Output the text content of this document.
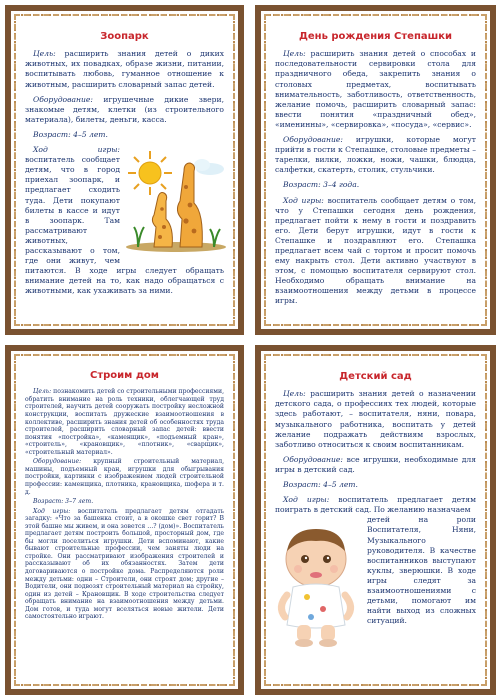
Зоопарк

Цель: расширить знания детей о диких животных, их повадках, образе жизни, питании, воспитывать любовь, гуманное отношение к животным, расширить словарный запас детей.

Оборудование: игрушечные дикие звери, знакомые детям, клетки (из строительного материала), билеты, деньги, касса.

Возраст: 4–5 лет.

Ход игры: воспитатель сообщает детям, что в город приехал зоопарк, и предлагает сходить туда. Дети покупают билеты в кассе и идут в зоопарк. Там рассматривают животных, рассказывают о том, где они живут, чем питаются. В ходе игры следует обращать внимание детей на то, как надо обращаться с животными, как ухаживать за ними.

День рождения Степашки

Цель: расширить знания детей о способах и последовательности сервировки стола для праздничного обеда, закрепить знания о столовых предметах, воспитывать внимательность, заботливость, ответственность, желание помочь, расширить словарный запас: ввести понятия «праздничный обед», «именинны», «сервировка», «посуда», «сервис».

Оборудование: игрушки, которые могут прийти в гости к Степашке, столовые предметы – тарелки, вилки, ложки, ножи, чашки, блюдца, салфетки, скатерть, столик, стульчики.

Возраст: 3–4 года.

Ход игры: воспитатель сообщает детям о том, что у Степашки сегодня день рождения, предлагает пойти к нему в гости и поздравить его. Дети берут игрушки, идут в гости к Степашке и поздравляют его. Степашка предлагает всем чай с тортом и просит помочь ему накрыть стол. Дети активно участвуют в этом, с помощью воспитателя сервируют стол. Необходимо обращать внимание на взаимоотношения между детьми в процессе игры.

Строим дом

Цель: познакомить детей со строительными профессиями, обратить внимание на роль техники, облегчающей труд строителей, научить детей сооружать постройку несложной конструкции, воспитать дружеские взаимоотношения в коллективе, расширить знания детей об особенностях труда строителей, расширить словарный запас детей: ввести понятия «постройка», «каменщик», «подъемный кран», «строитель», «крановщик», «плотник», «сварщик», «строительный материал».

Оборудование: крупный строительный материал, машины, подъемный кран, игрушки для обыгрывания постройки, картинки с изображением людей строительной профессии: каменщика, плотника, крановщика, шофера и т. д.

Возраст: 3–7 лет.

Ход игры: воспитатель предлагает детям отгадать загадку: «Что за башенка стоит, а в окошке свет горит? В этой башне мы живем, и она зовется …? (дом)». Воспитатель предлагает детям построить большой, просторный дом, где бы могли поселиться игрушки. Дети вспоминают, какие бывают строительные профессии, чем заняты люди на стройке. Они рассматривают изображения строителей и рассказывают об их обязанностях. Затем дети договариваются о постройке дома. Распределяются роли между детьми: одни – Строители, они строят дом; другие – Водители, они подвозят строительный материал на стройку, один из детей – Крановщик. В ходе строительства следует обращать внимание на взаимоотношения между детьми. Дом готов, и туда могут вселяться новые жители. Дети самостоятельно играют.

Детский сад

Цель: расширить знания детей о назначении детского сада, о профессиях тех людей, которые здесь работают, – воспитателя, няни, повара, музыкального работника, воспитать у детей желание подражать действиям взрослых, заботливо относиться к своим воспитанникам.

Оборудование: все игрушки, необходимые для игры в детский сад.

Возраст: 4–5 лет.

Ход игры: воспитатель предлагает детям поиграть в детский сад. По желанию назначаем

детей на роли Воспитателя, Няни, Музыкального руководителя. В качестве воспитанников выступают куклы, зверюшки. В ходе игры следят за взаимоотношениями с детьми, помогают им найти выход из сложных ситуаций.
